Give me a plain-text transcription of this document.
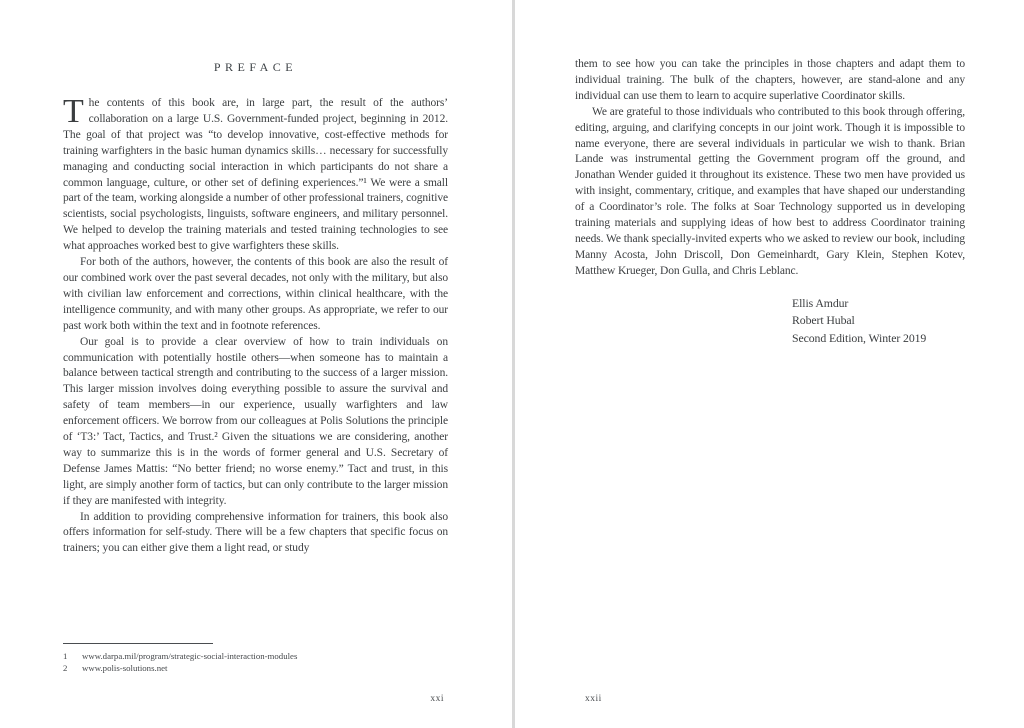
PREFACE

The contents of this book are, in large part, the result of the authors’ collaboration on a large U.S. Government-funded project, beginning in 2012. The goal of that project was “to develop innovative, cost-effective methods for training warfighters in the basic human dynamics skills… necessary for successfully managing and conducting social interaction in which participants do not share a common language, culture, or other set of defining experiences.”¹ We were a small part of the team, working alongside a number of other professional trainers, cognitive scientists, social psychologists, linguists, software engineers, and military personnel. We helped to develop the training materials and tested training technologies to see what approaches worked best to give warfighters these skills.

For both of the authors, however, the contents of this book are also the result of our combined work over the past several decades, not only with the military, but also with civilian law enforcement and corrections, within clinical healthcare, with the intelligence community, and with many other groups. As appropriate, we refer to our past work both within the text and in footnote references.

Our goal is to provide a clear overview of how to train individuals on communication with potentially hostile others—when someone has to maintain a balance between tactical strength and contributing to the success of a larger mission. This larger mission involves doing everything possible to assure the survival and safety of team members—in our experience, usually warfighters and law enforcement officers. We borrow from our colleagues at Polis Solutions the principle of ‘T3:’ Tact, Tactics, and Trust.² Given the situations we are considering, another way to summarize this is in the words of former general and U.S. Secretary of Defense James Mattis: “No better friend; no worse enemy.” Tact and trust, in this light, are simply another form of tactics, but can only contribute to the larger mission if they are manifested with integrity.

In addition to providing comprehensive information for trainers, this book also offers information for self-study. There will be a few chapters that specific focus on trainers; you can either give them a light read, or study

1	www.darpa.mil/program/strategic-social-interaction-modules
2	www.polis-solutions.net
xxi

them to see how you can take the principles in those chapters and adapt them to individual training. The bulk of the chapters, however, are stand-alone and any individual can use them to learn to acquire superlative Coordinator skills.

We are grateful to those individuals who contributed to this book through offering, editing, arguing, and clarifying concepts in our joint work. Though it is impossible to name everyone, there are several individuals in particular we wish to thank. Brian Lande was instrumental getting the Government program off the ground, and Jonathan Wender guided it throughout its existence. These two men have provided us with insight, commentary, critique, and examples that have shaped our understanding of a Coordinator’s role. The folks at Soar Technology supported us in developing training materials and supplying ideas of how best to address Coordinator training needs. We thank specially-invited experts who we asked to review our book, including Manny Acosta, John Driscoll, Don Gemeinhardt, Gary Klein, Stephen Kotev, Matthew Krueger, Don Gulla, and Chris Leblanc.

Ellis Amdur
Robert Hubal
Second Edition, Winter 2019
xxii
